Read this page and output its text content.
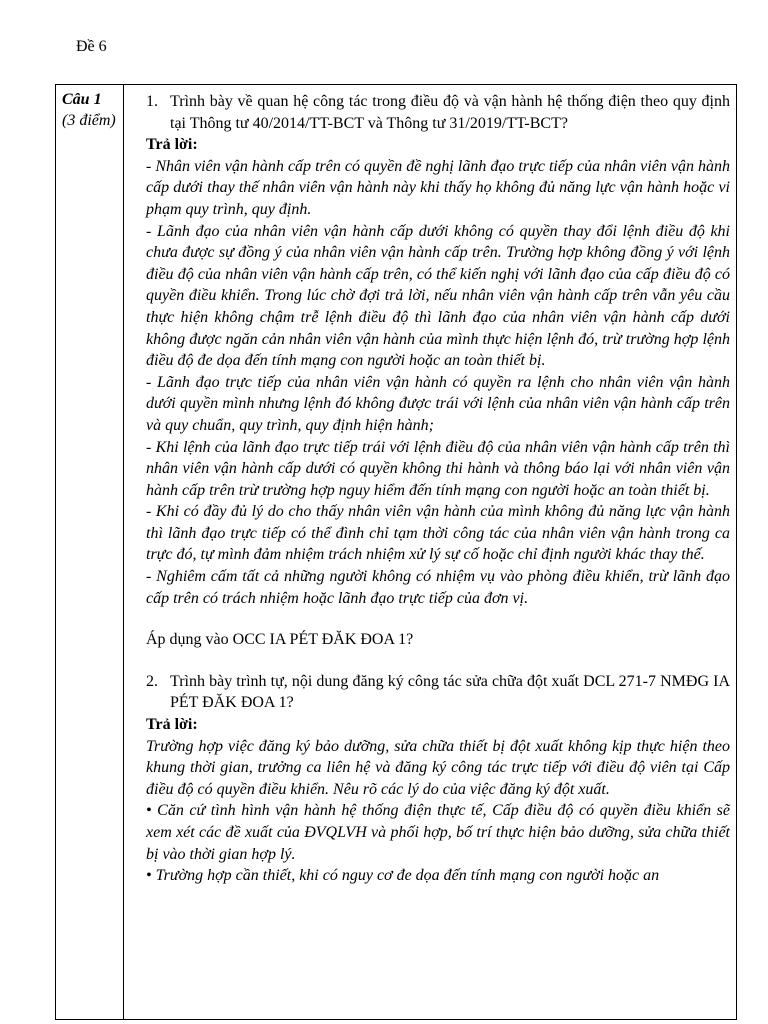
Đề 6
Câu 1
(3 điểm)
1. Trình bày về quan hệ công tác trong điều độ và vận hành hệ thống điện theo quy định tại Thông tư 40/2014/TT-BCT và Thông tư 31/2019/TT-BCT?
Trả lời:

- Nhân viên vận hành cấp trên có quyền đề nghị lãnh đạo trực tiếp của nhân viên vận hành cấp dưới thay thế nhân viên vận hành này khi thấy họ không đủ năng lực vận hành hoặc vi phạm quy trình, quy định.
- Lãnh đạo của nhân viên vận hành cấp dưới không có quyền thay đổi lệnh điều độ khi chưa được sự đồng ý của nhân viên vận hành cấp trên. Trường hợp không đồng ý với lệnh điều độ của nhân viên vận hành cấp trên, có thể kiến nghị với lãnh đạo của cấp điều độ có quyền điều khiển. Trong lúc chờ đợi trả lời, nếu nhân viên vận hành cấp trên vẫn yêu cầu thực hiện không chậm trễ lệnh điều độ thì lãnh đạo của nhân viên vận hành cấp dưới không được ngăn cản nhân viên vận hành của mình thực hiện lệnh đó, trừ trường hợp lệnh điều độ đe dọa đến tính mạng con người hoặc an toàn thiết bị.
- Lãnh đạo trực tiếp của nhân viên vận hành có quyền ra lệnh cho nhân viên vận hành dưới quyền mình nhưng lệnh đó không được trái với lệnh của nhân viên vận hành cấp trên và quy chuẩn, quy trình, quy định hiện hành;
- Khi lệnh của lãnh đạo trực tiếp trái với lệnh điều độ của nhân viên vận hành cấp trên thì nhân viên vận hành cấp dưới có quyền không thi hành và thông báo lại với nhân viên vận hành cấp trên trừ trường hợp nguy hiểm đến tính mạng con người hoặc an toàn thiết bị.
- Khi có đầy đủ lý do cho thấy nhân viên vận hành của mình không đủ năng lực vận hành thì lãnh đạo trực tiếp có thể đình chỉ tạm thời công tác của nhân viên vận hành trong ca trực đó, tự mình đảm nhiệm trách nhiệm xử lý sự cố hoặc chỉ định người khác thay thế.
- Nghiêm cấm tất cả những người không có nhiệm vụ vào phòng điều khiển, trừ lãnh đạo cấp trên có trách nhiệm hoặc lãnh đạo trực tiếp của đơn vị.

Áp dụng vào OCC IA PÉT ĐĂK ĐOA 1?
2. Trình bày trình tự, nội dung đăng ký công tác sửa chữa đột xuất DCL 271-7 NMĐG IA PÉT ĐĂK ĐOA 1?
Trả lời:

Trường hợp việc đăng ký bảo dưỡng, sửa chữa thiết bị đột xuất không kịp thực hiện theo khung thời gian, trưởng ca liên hệ và đăng ký công tác trực tiếp với điều độ viên tại Cấp điều độ có quyền điều khiển. Nêu rõ các lý do của việc đăng ký đột xuất.
• Căn cứ tình hình vận hành hệ thống điện thực tế, Cấp điều độ có quyền điều khiển sẽ xem xét các đề xuất của ĐVQLVH và phối hợp, bố trí thực hiện bảo dưỡng, sửa chữa thiết bị vào thời gian hợp lý.
• Trường hợp cần thiết, khi có nguy cơ đe dọa đến tính mạng con người hoặc an
